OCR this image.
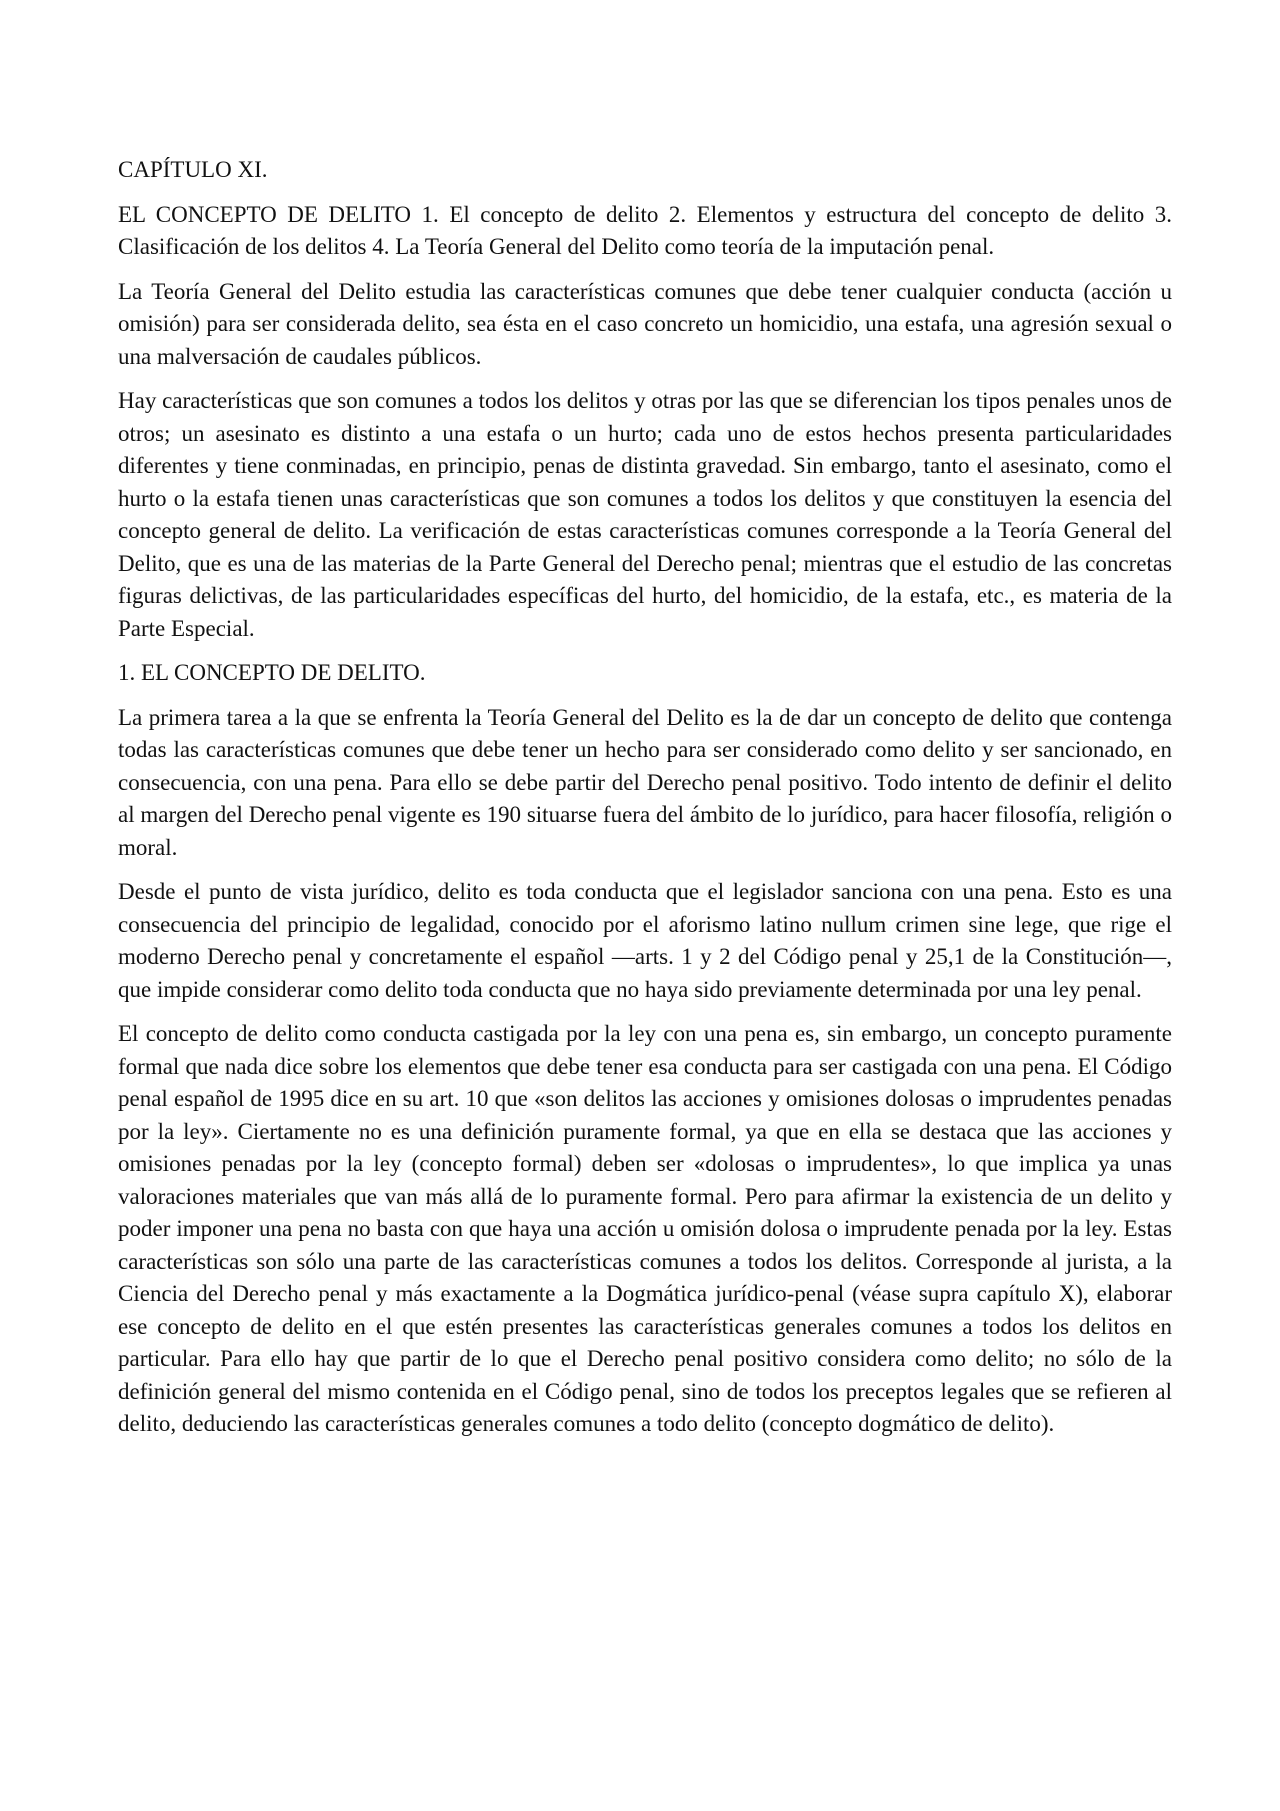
CAPÍTULO XI.

EL CONCEPTO DE DELITO 1. El concepto de delito 2. Elementos y estructura del concepto de delito 3. Clasificación de los delitos 4. La Teoría General del Delito como teoría de la imputación penal.

La Teoría General del Delito estudia las características comunes que debe tener cualquier conducta (acción u omisión) para ser considerada delito, sea ésta en el caso concreto un homicidio, una estafa, una agresión sexual o una malversación de caudales públicos.

Hay características que son comunes a todos los delitos y otras por las que se diferencian los tipos penales unos de otros; un asesinato es distinto a una estafa o un hurto; cada uno de estos hechos presenta particularidades diferentes y tiene conminadas, en principio, penas de distinta gravedad. Sin embargo, tanto el asesinato, como el hurto o la estafa tienen unas características que son comunes a todos los delitos y que constituyen la esencia del concepto general de delito. La verificación de estas características comunes corresponde a la Teoría General del Delito, que es una de las materias de la Parte General del Derecho penal; mientras que el estudio de las concretas figuras delictivas, de las particularidades específicas del hurto, del homicidio, de la estafa, etc., es materia de la Parte Especial.

1. EL CONCEPTO DE DELITO.

La primera tarea a la que se enfrenta la Teoría General del Delito es la de dar un concepto de delito que contenga todas las características comunes que debe tener un hecho para ser considerado como delito y ser sancionado, en consecuencia, con una pena. Para ello se debe partir del Derecho penal positivo. Todo intento de definir el delito al margen del Derecho penal vigente es 190 situarse fuera del ámbito de lo jurídico, para hacer filosofía, religión o moral.

Desde el punto de vista jurídico, delito es toda conducta que el legislador sanciona con una pena. Esto es una consecuencia del principio de legalidad, conocido por el aforismo latino nullum crimen sine lege, que rige el moderno Derecho penal y concretamente el español —arts. 1 y 2 del Código penal y 25,1 de la Constitución—, que impide considerar como delito toda conducta que no haya sido previamente determinada por una ley penal.

El concepto de delito como conducta castigada por la ley con una pena es, sin embargo, un concepto puramente formal que nada dice sobre los elementos que debe tener esa conducta para ser castigada con una pena. El Código penal español de 1995 dice en su art. 10 que «son delitos las acciones y omisiones dolosas o imprudentes penadas por la ley». Ciertamente no es una definición puramente formal, ya que en ella se destaca que las acciones y omisiones penadas por la ley (concepto formal) deben ser «dolosas o imprudentes», lo que implica ya unas valoraciones materiales que van más allá de lo puramente formal. Pero para afirmar la existencia de un delito y poder imponer una pena no basta con que haya una acción u omisión dolosa o imprudente penada por la ley. Estas características son sólo una parte de las características comunes a todos los delitos. Corresponde al jurista, a la Ciencia del Derecho penal y más exactamente a la Dogmática jurídico-penal (véase supra capítulo X), elaborar ese concepto de delito en el que estén presentes las características generales comunes a todos los delitos en particular. Para ello hay que partir de lo que el Derecho penal positivo considera como delito; no sólo de la definición general del mismo contenida en el Código penal, sino de todos los preceptos legales que se refieren al delito, deduciendo las características generales comunes a todo delito (concepto dogmático de delito).
